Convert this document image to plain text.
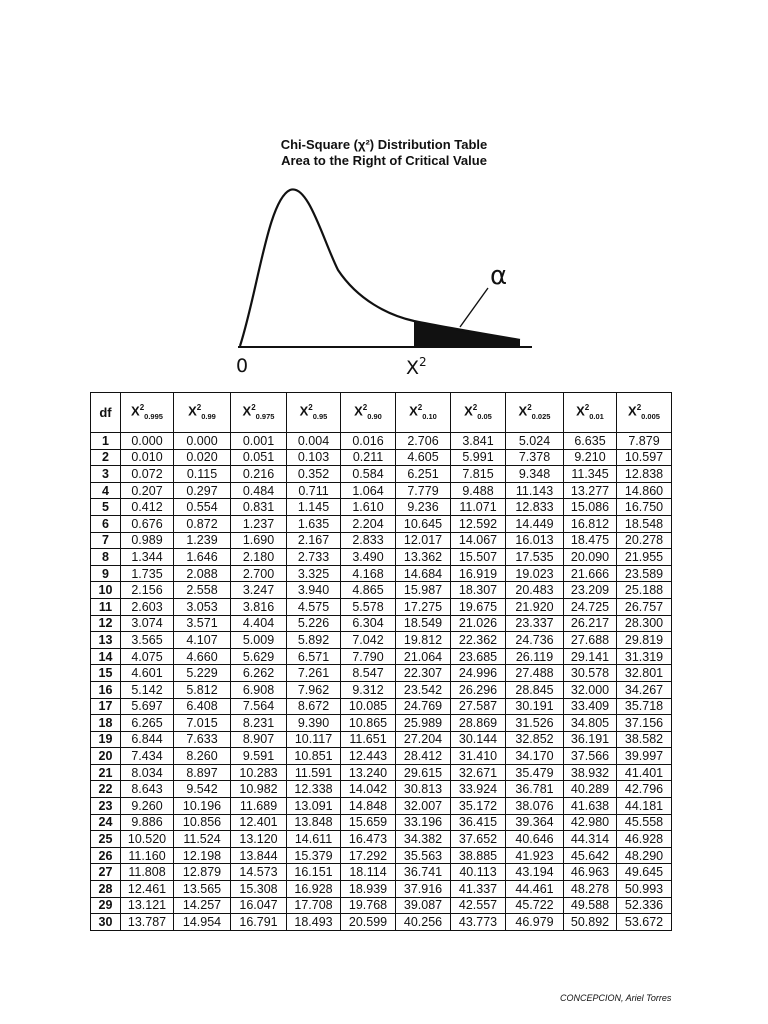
Chi-Square (χ²) Distribution Table
Area to the Right of Critical Value
α
0	$X^2$
df	$X^2_{0.995}$	$X^2_{0.99}$	$X^2_{0.975}$	$X^2_{0.95}$	$X^2_{0.90}$	$X^2_{0.10}$	$X^2_{0.05}$	$X^2_{0.025}$	$X^2_{0.01}$	$X^2_{0.005}$
1	0.000	0.000	0.001	0.004	0.016	2.706	3.841	5.024	6.635	7.879
2	0.010	0.020	0.051	0.103	0.211	4.605	5.991	7.378	9.210	10.597
3	0.072	0.115	0.216	0.352	0.584	6.251	7.815	9.348	11.345	12.838
4	0.207	0.297	0.484	0.711	1.064	7.779	9.488	11.143	13.277	14.860
5	0.412	0.554	0.831	1.145	1.610	9.236	11.071	12.833	15.086	16.750
6	0.676	0.872	1.237	1.635	2.204	10.645	12.592	14.449	16.812	18.548
7	0.989	1.239	1.690	2.167	2.833	12.017	14.067	16.013	18.475	20.278
8	1.344	1.646	2.180	2.733	3.490	13.362	15.507	17.535	20.090	21.955
9	1.735	2.088	2.700	3.325	4.168	14.684	16.919	19.023	21.666	23.589
10	2.156	2.558	3.247	3.940	4.865	15.987	18.307	20.483	23.209	25.188
11	2.603	3.053	3.816	4.575	5.578	17.275	19.675	21.920	24.725	26.757
12	3.074	3.571	4.404	5.226	6.304	18.549	21.026	23.337	26.217	28.300
13	3.565	4.107	5.009	5.892	7.042	19.812	22.362	24.736	27.688	29.819
14	4.075	4.660	5.629	6.571	7.790	21.064	23.685	26.119	29.141	31.319
15	4.601	5.229	6.262	7.261	8.547	22.307	24.996	27.488	30.578	32.801
16	5.142	5.812	6.908	7.962	9.312	23.542	26.296	28.845	32.000	34.267
17	5.697	6.408	7.564	8.672	10.085	24.769	27.587	30.191	33.409	35.718
18	6.265	7.015	8.231	9.390	10.865	25.989	28.869	31.526	34.805	37.156
19	6.844	7.633	8.907	10.117	11.651	27.204	30.144	32.852	36.191	38.582
20	7.434	8.260	9.591	10.851	12.443	28.412	31.410	34.170	37.566	39.997
21	8.034	8.897	10.283	11.591	13.240	29.615	32.671	35.479	38.932	41.401
22	8.643	9.542	10.982	12.338	14.042	30.813	33.924	36.781	40.289	42.796
23	9.260	10.196	11.689	13.091	14.848	32.007	35.172	38.076	41.638	44.181
24	9.886	10.856	12.401	13.848	15.659	33.196	36.415	39.364	42.980	45.558
25	10.520	11.524	13.120	14.611	16.473	34.382	37.652	40.646	44.314	46.928
26	11.160	12.198	13.844	15.379	17.292	35.563	38.885	41.923	45.642	48.290
27	11.808	12.879	14.573	16.151	18.114	36.741	40.113	43.194	46.963	49.645
28	12.461	13.565	15.308	16.928	18.939	37.916	41.337	44.461	48.278	50.993
29	13.121	14.257	16.047	17.708	19.768	39.087	42.557	45.722	49.588	52.336
30	13.787	14.954	16.791	18.493	20.599	40.256	43.773	46.979	50.892	53.672
CONCEPCION, Ariel Torres
